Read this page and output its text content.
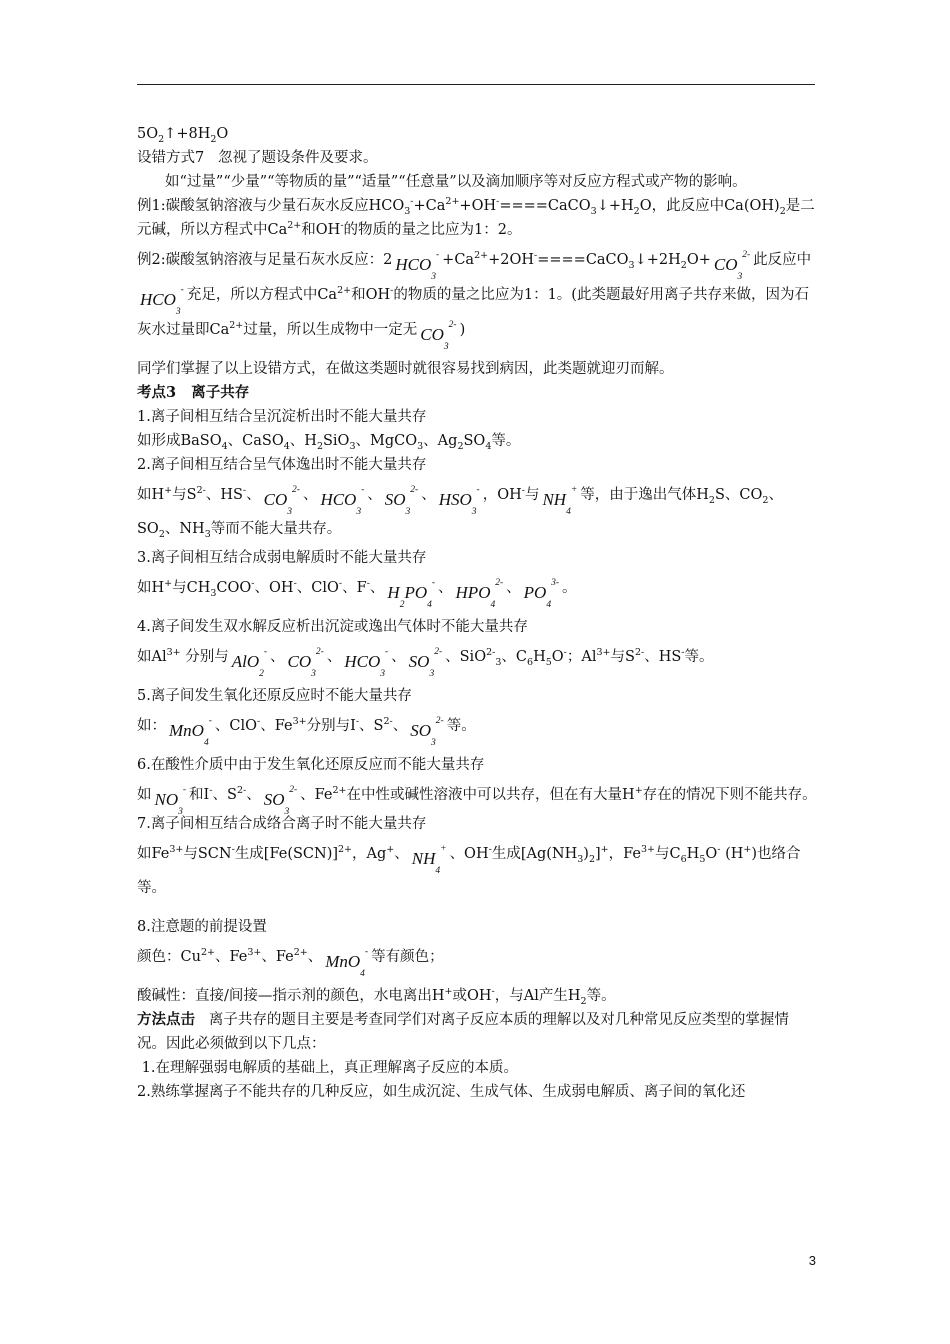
$5O_2↑+8H_2O$

设错方式7   忽视了题设条件及要求。

如“过量”“少量”“等物质的量”“适量”“任意量”以及滴加顺序等对反应方程式或产物的影响。

例1:碳酸氢钠溶液与少量石灰水反应$HCO_3^-+Ca^{2+}+OH^-====CaCO_3↓+H_2O$，此反应中$Ca(OH)_2$是二元碱，所以方程式中$Ca^{2+}$和OH-的物质的量之比应为1：2。

例2:碳酸氢钠溶液与足量石灰水反应：2 $HCO_3^-$ $+Ca^{2+}+2OH^-====CaCO_3↓+2H_2O+ CO_3^{2-}$ 此反应中$HCO_3^-$ 充足，所以方程式中$Ca^{2+}$和OH-的物质的量之比应为1：1。(此类题最好用离子共存来做，因为石灰水过量即$Ca^{2+}$过量，所以生成物中一定无 $CO_3^{2-}$ )

同学们掌握了以上设错方式，在做这类题时就很容易找到病因，此类题就迎刃而解。

考点3   离子共存

1.离子间相互结合呈沉淀析出时不能大量共存

如形成BaSO$_4$、CaSO$_4$、$H_2SiO_3$、MgCO$_3$、$Ag_2SO_4$等。

2.离子间相互结合呈气体逸出时不能大量共存

如H+与$S^{2-}$、HS-、 $CO_3^{2-}$ 、 $HCO_3^-$ 、 $SO_3^{2-}$ 、 $HSO_3^-$ ，OH-与 $NH_4^+$ 等，由于逸出气体$H_2S$、$CO_2$、$SO_2$、$NH_3$等而不能大量共存。

3.离子间相互结合成弱电解质时不能大量共存

如H+与$CH_3COO^-$、OH-、ClO-、F-、 $H_2PO_4^-$ 、 $HPO_4^{2-}$ 、 $PO_4^{3-}$ 。

4.离子间发生双水解反应析出沉淀或逸出气体时不能大量共存

如$Al^{3+}$ 分别与 AlO$_2$- 、 $CO_3^{2-}$ 、 $HCO_3^-$ 、 $SO_3^{2-}$ 、SiO$^{2-}_3$、$C_6H_5O^-$；$Al^{3+}$与$S^{2-}$、HS-等。

5.离子间发生氧化还原反应时不能大量共存

如： MnO$_4$- 、ClO-、$Fe^{3+}$分别与I-、$S^{2-}$、 $SO_3^{2-}$ 等。

6.在酸性介质中由于发生氧化还原反应而不能大量共存

如 $NO_3^-$ 和I-、$S^{2-}$、 $SO_3^{2-}$ 、$Fe^{2+}$在中性或碱性溶液中可以共存，但在有大量H+存在的情况下则不能共存。

7.离子间相互结合成络合离子时不能大量共存

如$Fe^{3+}$与SCN-生成$[Fe(SCN)]^{2+}$，Ag+、 $NH_4^+$ 、OH-生成$[Ag(NH_3)_2]^+$，$Fe^{3+}$与$C_6H_5O^-$ (H+)也络合等。

8.注意题的前提设置

颜色：$Cu^{2+}$、$Fe^{3+}$、$Fe^{2+}$、 MnO$_4$- 等有颜色；

酸碱性：直接/间接—指示剂的颜色，水电离出H+或OH-，与Al产生$H_2$等。

方法点击   离子共存的题目主要是考查同学们对离子反应本质的理解以及对几种常见反应类型的掌握情况。因此必须做到以下几点：

1.在理解强弱电解质的基础上，真正理解离子反应的本质。

2.熟练掌握离子不能共存的几种反应，如生成沉淀、生成气体、生成弱电解质、离子间的氧化还

3
